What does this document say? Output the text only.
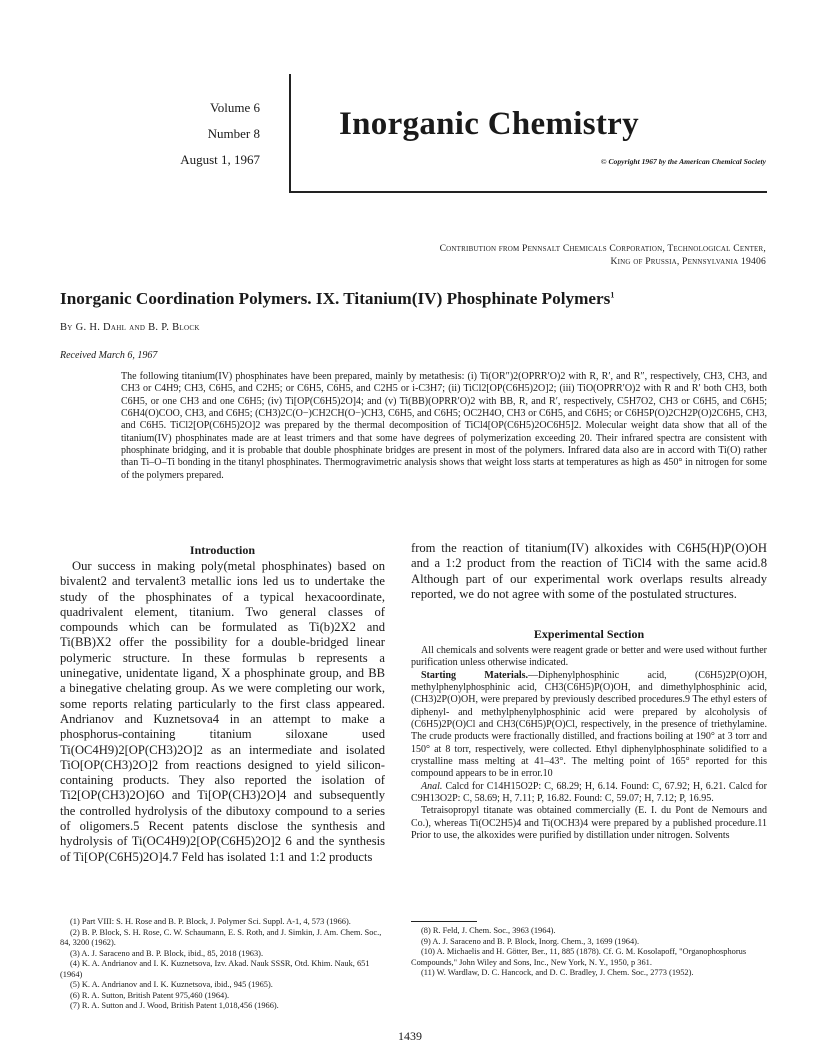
Volume 6
Number 8
August 1, 1967
Inorganic Chemistry
© Copyright 1967 by the American Chemical Society
Contribution from Pennsalt Chemicals Corporation, Technological Center,
King of Prussia, Pennsylvania 19406
Inorganic Coordination Polymers. IX. Titanium(IV) Phosphinate Polymers$^1$
By G. H. Dahl and B. P. Block
Received March 6, 1967

The following titanium(IV) phosphinates have been prepared, mainly by metathesis: (i) Ti(OR″)2(OPRR′O)2 with R, R′, and R″, respectively, CH3, CH3, and CH3 or C4H9; CH3, C6H5, and C2H5; or C6H5, C6H5, and C2H5 or i-C3H7; (ii) TiCl2[OP(C6H5)2O]2; (iii) TiO(OPRR′O)2 with R and R′ both CH3, both C6H5, or one CH3 and one C6H5; (iv) Ti[OP(C6H5)2O]4; and (v) Ti(BB)(OPRR′O)2 with BB, R, and R′, respectively, C5H7O2, CH3 or C6H5, and C6H5; C6H4(O)COO, CH3, and C6H5; (CH3)2C(O−)CH2CH(O−)CH3, C6H5, and C6H5; OC2H4O, CH3 or C6H5, and C6H5; or C6H5P(O)2CH2P(O)2C6H5, CH3, and C6H5. TiCl2[OP(C6H5)2O]2 was prepared by the thermal decomposition of TiCl4[OP(C6H5)2OC6H5]2. Molecular weight data show that all of the titanium(IV) phosphinates made are at least trimers and that some have degrees of polymerization exceeding 20. Their infrared spectra are consistent with phosphinate bridging, and it is probable that double phosphinate bridges are present in most of the polymers. Infrared data also are in accord with Ti(O) rather than Ti–O–Ti bonding in the titanyl phosphinates. Thermogravimetric analysis shows that weight loss starts at temperatures as high as 450° in nitrogen for some of the polymers prepared.

Introduction

Our success in making poly(metal phosphinates) based on bivalent2 and tervalent3 metallic ions led us to undertake the study of the phosphinates of a typical hexacoordinate, quadrivalent element, titanium. Two general classes of compounds which can be formulated as Ti(b)2X2 and Ti(BB)X2 offer the possibility for a double-bridged linear polymeric structure. In these formulas b represents a uninegative, unidentate ligand, X a phosphinate group, and BB a binegative chelating group. As we were completing our work, some reports relating particularly to the first class appeared. Andrianov and Kuznetsova4 in an attempt to make a phosphorus-containing titanium siloxane used Ti(OC4H9)2[OP(CH3)2O]2 as an intermediate and isolated TiO[OP(CH3)2O]2 from reactions designed to yield silicon-containing products. They also reported the isolation of Ti2[OP(CH3)2O]6O and Ti[OP(CH3)2O]4 and subsequently the controlled hydrolysis of the dibutoxy compound to a series of oligomers.5 Recent patents disclose the synthesis and hydrolysis of Ti(OC4H9)2[OP(C6H5)2O]2 6 and the synthesis of Ti[OP(C6H5)2O]4.7 Feld has isolated 1:1 and 1:2 products

(1) Part VIII: S. H. Rose and B. P. Block, J. Polymer Sci. Suppl. A-1, 4, 573 (1966).
(2) B. P. Block, S. H. Rose, C. W. Schaumann, E. S. Roth, and J. Simkin, J. Am. Chem. Soc., 84, 3200 (1962).
(3) A. J. Saraceno and B. P. Block, ibid., 85, 2018 (1963).
(4) K. A. Andrianov and I. K. Kuznetsova, Izv. Akad. Nauk SSSR, Otd. Khim. Nauk, 651 (1964)
(5) K. A. Andrianov and I. K. Kuznetsova, ibid., 945 (1965).
(6) R. A. Sutton, British Patent 975,460 (1964).
(7) R. A. Sutton and J. Wood, British Patent 1,018,456 (1966).

from the reaction of titanium(IV) alkoxides with C6H5(H)P(O)OH and a 1:2 product from the reaction of TiCl4 with the same acid.8 Although part of our experimental work overlaps results already reported, we do not agree with some of the postulated structures.

Experimental Section

All chemicals and solvents were reagent grade or better and were used without further purification unless otherwise indicated.

Starting Materials.—Diphenylphosphinic acid, (C6H5)2P(O)OH, methylphenylphosphinic acid, CH3(C6H5)P(O)OH, and dimethylphosphinic acid, (CH3)2P(O)OH, were prepared by previously described procedures.9 The ethyl esters of diphenyl- and methylphenylphosphinic acid were prepared by alcoholysis of (C6H5)2P(O)Cl and CH3(C6H5)P(O)Cl, respectively, in the presence of triethylamine. The crude products were fractionally distilled, and fractions boiling at 190° at 3 torr and 150° at 8 torr, respectively, were collected. Ethyl diphenylphosphinate solidified to a crystalline mass melting at 41–43°. The melting point of 165° reported for this compound appears to be in error.10

Anal. Calcd for C14H15O2P: C, 68.29; H, 6.14. Found: C, 67.92; H, 6.21. Calcd for C9H13O2P: C, 58.69; H, 7.11; P, 16.82. Found: C, 59.07; H, 7.12; P, 16.95.

Tetraisopropyl titanate was obtained commercially (E. I. du Pont de Nemours and Co.), whereas Ti(OC2H5)4 and Ti(OCH3)4 were prepared by a published procedure.11 Prior to use, the alkoxides were purified by distillation under nitrogen. Solvents

(8) R. Feld, J. Chem. Soc., 3963 (1964).
(9) A. J. Saraceno and B. P. Block, Inorg. Chem., 3, 1699 (1964).
(10) A. Michaelis and H. Götter, Ber., 11, 885 (1878). Cf. G. M. Kosolapoff, "Organophosphorus Compounds," John Wiley and Sons, Inc., New York, N. Y., 1950, p 361.
(11) W. Wardlaw, D. C. Hancock, and D. C. Bradley, J. Chem. Soc., 2773 (1952).
1439
